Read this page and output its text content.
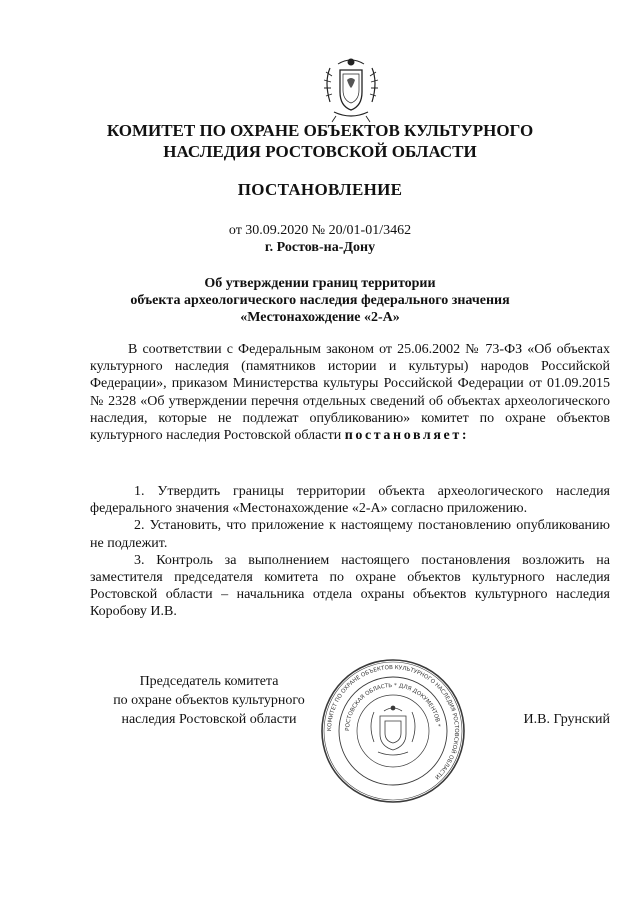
КОМИТЕТ ПО ОХРАНЕ ОБЪЕКТОВ КУЛЬТУРНОГО
НАСЛЕДИЯ РОСТОВСКОЙ ОБЛАСТИ
ПОСТАНОВЛЕНИЕ
от 30.09.2020 № 20/01-01/3462
г. Ростов-на-Дону
Об утверждении границ территории
объекта археологического наследия федерального значения
«Местонахождение «2-А»
В соответствии с Федеральным законом от 25.06.2002 № 73-ФЗ «Об объектах культурного наследия (памятников истории и культуры) народов Российской Федерации», приказом Министерства культуры Российской Федерации от 01.09.2015 № 2328 «Об утверждении перечня отдельных сведений об объектах археологического наследия, которые не подлежат опубликованию» комитет по охране объектов культурного наследия Ростовской области постановляет:

1. Утвердить границы территории объекта археологического наследия федерального значения «Местонахождение «2-А» согласно приложению.

2. Установить, что приложение к настоящему постановлению опубликованию не подлежит.

3. Контроль за выполнением настоящего постановления возложить на заместителя председателя комитета по охране объектов культурного наследия Ростовской области – начальника отдела охраны объектов культурного наследия Коробову И.В.

Председатель комитета
по охране объектов культурного
наследия Ростовской области
КОМИТЕТ ПО ОХРАНЕ ОБЪЕКТОВ КУЛЬТУРНОГО НАСЛЕДИЯ РОСТОВСКОЙ ОБЛАСТИ
РОСТОВСКАЯ ОБЛАСТЬ * ДЛЯ ДОКУМЕНТОВ *	И.В. Грунский
